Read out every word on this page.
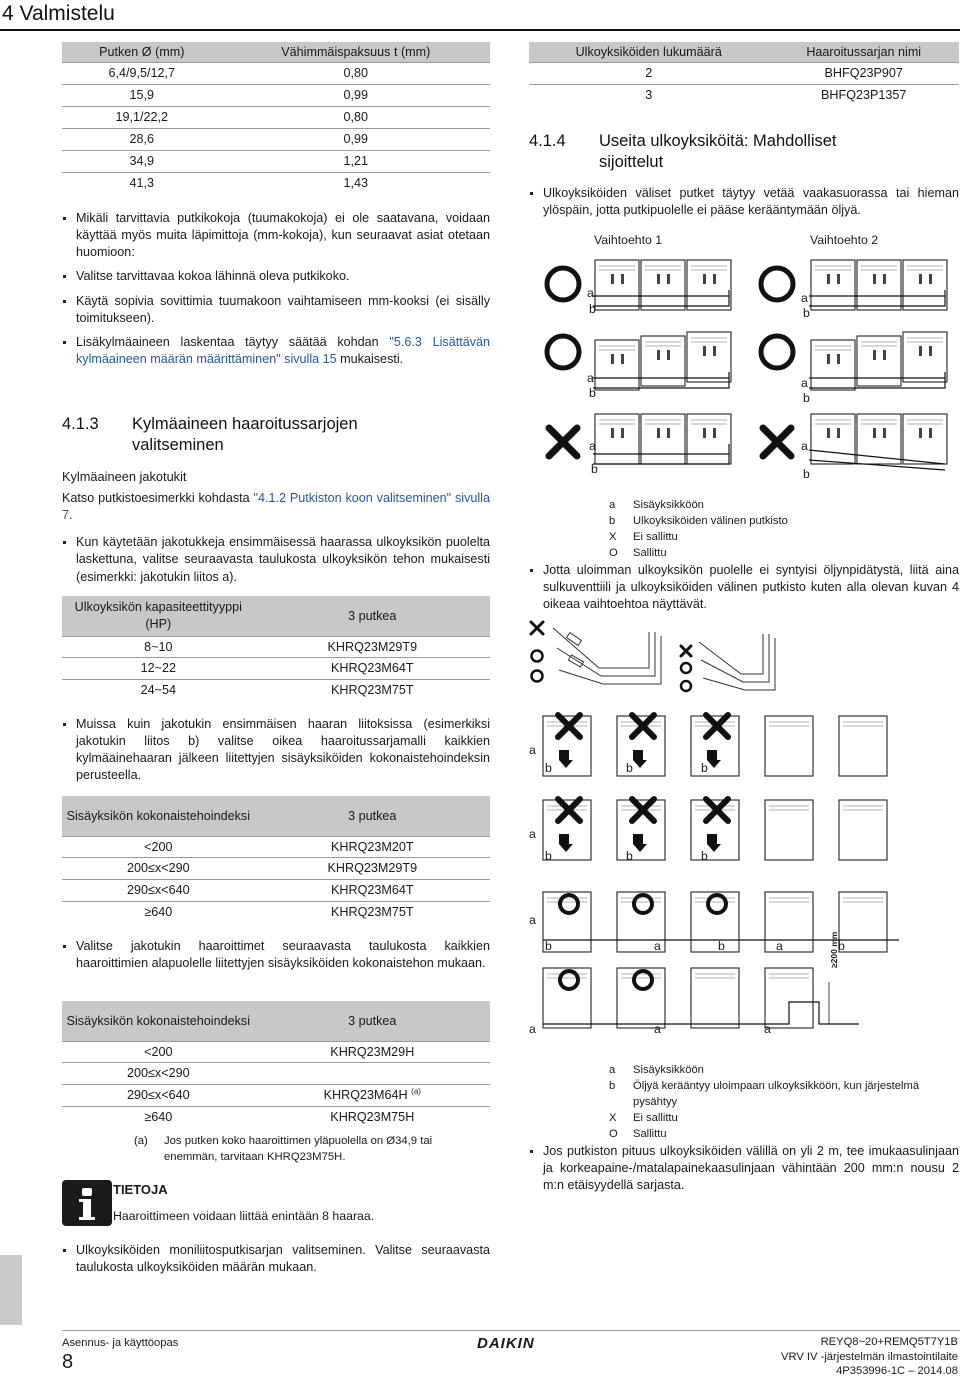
4 Valmistelu
Putken Ø (mm)	Vähimmäispaksuus t (mm)
6,4/9,5/12,7	0,80
15,9	0,99
19,1/22,2	0,80
28,6	0,99
34,9	1,21
41,3	1,43
Mikäli tarvittavia putkikokoja (tuumakokoja) ei ole saatavana, voidaan käyttää myös muita läpimittoja (mm-kokoja), kun seuraavat asiat otetaan huomioon:
Valitse tarvittavaa kokoa lähinnä oleva putkikoko.
Käytä sopivia sovittimia tuumakoon vaihtamiseen mm-kooksi (ei sisälly toimitukseen).
Lisäkylmäaineen laskentaa täytyy säätää kohdan "5.6.3 Lisättävän kylmäaineen määrän määrittäminen" sivulla 15 mukaisesti.
4.1.3 Kylmäaineen haaroitussarjojen valitseminen
Kylmäaineen jakotukit
Katso putkistoesimerkki kohdasta "4.1.2 Putkiston koon valitseminen" sivulla 7.
Kun käytetään jakotukkeja ensimmäisessä haarassa ulkoyksikön puolelta laskettuna, valitse seuraavasta taulukosta ulkoyksikön tehon mukaisesti (esimerkki: jakotukin liitos a).
Ulkoyksikön kapasiteettityyppi (HP)	3 putkea
8~10	KHRQ23M29T9
12~22	KHRQ23M64T
24~54	KHRQ23M75T
Muissa kuin jakotukin ensimmäisen haaran liitoksissa (esimerkiksi jakotukin liitos b) valitse oikea haaroitussarjamalli kaikkien kylmäainehaaran jälkeen liitettyjen sisäyksiköiden kokonaistehoindeksin perusteella.
Sisäyksikön kokonaistehoindeksi	3 putkea
<200	KHRQ23M20T
200≤x<290	KHRQ23M29T9
290≤x<640	KHRQ23M64T
≥640	KHRQ23M75T
Valitse jakotukin haaroittimet seuraavasta taulukosta kaikkien haaroittimien alapuolelle liitettyjen sisäyksiköiden kokonaistehon mukaan.
Sisäyksikön kokonaistehoindeksi	3 putkea
<200	KHRQ23M29H
200≤x<290	
290≤x<640	KHRQ23M64H $^{(a)}$
≥640	KHRQ23M75H
(a)	Jos putken koko haaroittimen yläpuolella on Ø34,9 tai enemmän, tarvitaan KHRQ23M75H.
TIETOJA
Haaroittimeen voidaan liittää enintään 8 haaraa.
Ulkoyksiköiden moniliitosputkisarjan valitseminen. Valitse seuraavasta taulukosta ulkoyksiköiden määrän mukaan.
Ulkoyksiköiden lukumäärä	Haaroitussarjan nimi
2	BHFQ23P907
3	BHFQ23P1357
4.1.4 Useita ulkoyksiköitä: Mahdolliset sijoittelut
Ulkoyksiköiden väliset putket täytyy vetää vaakasuorassa tai hieman ylöspäin, jotta putkipuolelle ei pääse kerääntymään öljyä.
Vaihtoehto 1	Vaihtoehto 2
a
b
a
b
a
b
a
b
a
b
a
b
a	Sisäyksikköön
b	Ulkoyksiköiden välinen putkisto
X	Ei sallittu
O	Sallittu
Jotta uloimman ulkoyksikön puolelle ei syntyisi öljynpidätystä, liitä aina sulkuventtiili ja ulkoyksiköiden välinen putkisto kuten alla olevan kuvan 4 oikeaa vaihtoehtoa näyttävät.
≥200 mm
a
b	b	b
a
b	b	b
a
b	a	b	a	b
a	a	a
a	Sisäyksikköön
b	Öljyä kerääntyy uloimpaan ulkoyksikköön, kun järjestelmä pysähtyy
X	Ei sallittu
O	Sallittu
Jos putkiston pituus ulkoyksiköiden välillä on yli 2 m, tee imukaasulinjaan ja korkeapaine-/matalapainekaasulinjaan vähintään 200 mm:n nousu 2 m:n etäisyydellä sarjasta.
Asennus- ja käyttöopas
8
DAIKIN	REYQ8~20+REMQ5T7Y1B
VRV IV -järjestelmän ilmastointilaite
4P353996-1C – 2014.08
